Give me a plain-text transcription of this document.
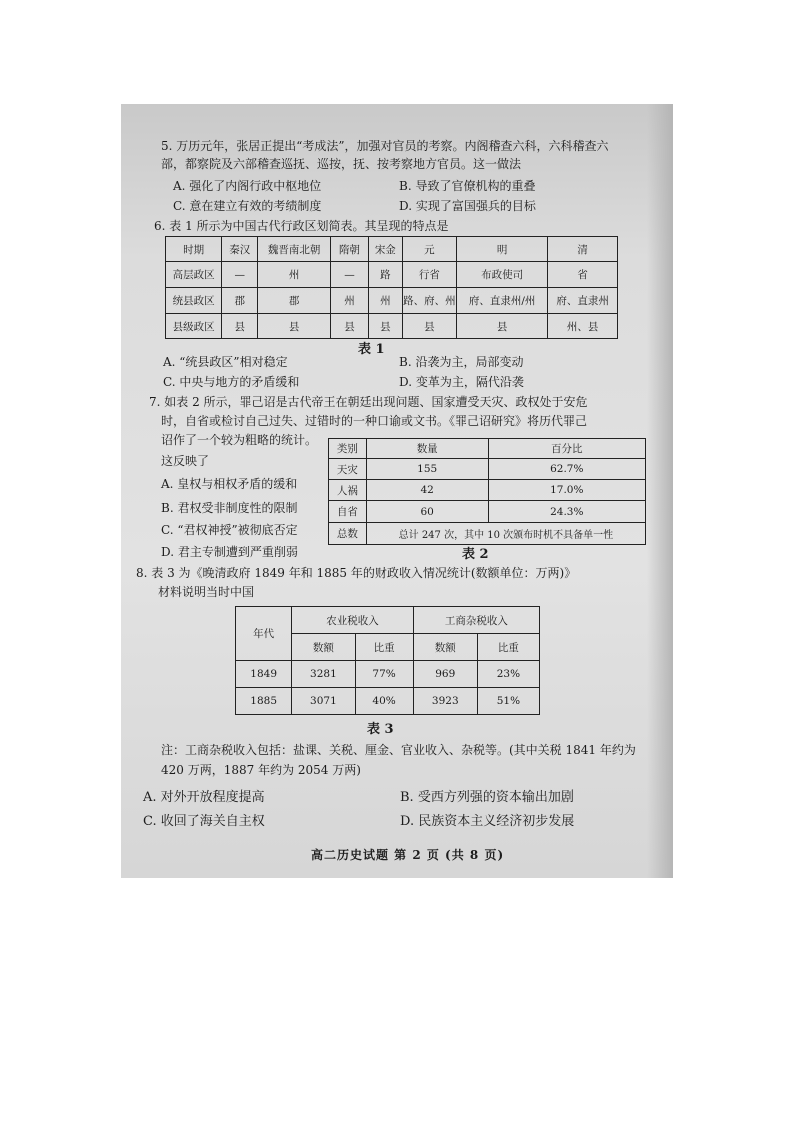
5. 万历元年，张居正提出“考成法”，加强对官员的考察。内阁稽查六科，六科稽查六
部，都察院及六部稽查巡抚、巡按，抚、按考察地方官员。这一做法
A. 强化了内阁行政中枢地位	B. 导致了官僚机构的重叠
C. 意在建立有效的考绩制度	D. 实现了富国强兵的目标
6. 表 1 所示为中国古代行政区划简表。其呈现的特点是
时期	秦汉	魏晋南北朝	隋朝	宋金	元	明	清
高层政区	—	州	—	路	行省	布政使司	省
统县政区	郡	郡	州	州	路、府、州	府、直隶州/州	府、直隶州
县级政区	县	县	县	县	县	县	州、县
表 1
A. “统县政区”相对稳定	B. 沿袭为主，局部变动
C. 中央与地方的矛盾缓和	D. 变革为主，隔代沿袭
7. 如表 2 所示，罪己诏是古代帝王在朝廷出现问题、国家遭受天灾、政权处于安危
时，自省或检讨自己过失、过错时的一种口谕或文书。《罪己诏研究》将历代罪己
诏作了一个较为粗略的统计。
这反映了
类别	数量	百分比
天灾	155	62.7%
人祸	42	17.0%
自省	60	24.3%
总数	总计 247 次，其中 10 次颁布时机不具备单一性	
A. 皇权与相权矛盾的缓和
B. 君权受非制度性的限制
C. “君权神授”被彻底否定
D. 君主专制遭到严重削弱	表 2
8. 表 3 为《晚清政府 1849 年和 1885 年的财政收入情况统计(数额单位：万两)》
材料说明当时中国
年代	农业税收入		工商杂税收入	
	数额	比重	数额	比重
1849	3281	77%	969	23%
1885	3071	40%	3923	51%
表 3
注：工商杂税收入包括：盐课、关税、厘金、官业收入、杂税等。(其中关税 1841 年约为
420 万两，1887 年约为 2054 万两)
A. 对外开放程度提高	B. 受西方列强的资本输出加剧
C. 收回了海关自主权	D. 民族资本主义经济初步发展
高二历史试题 第 2 页 (共 8 页)
